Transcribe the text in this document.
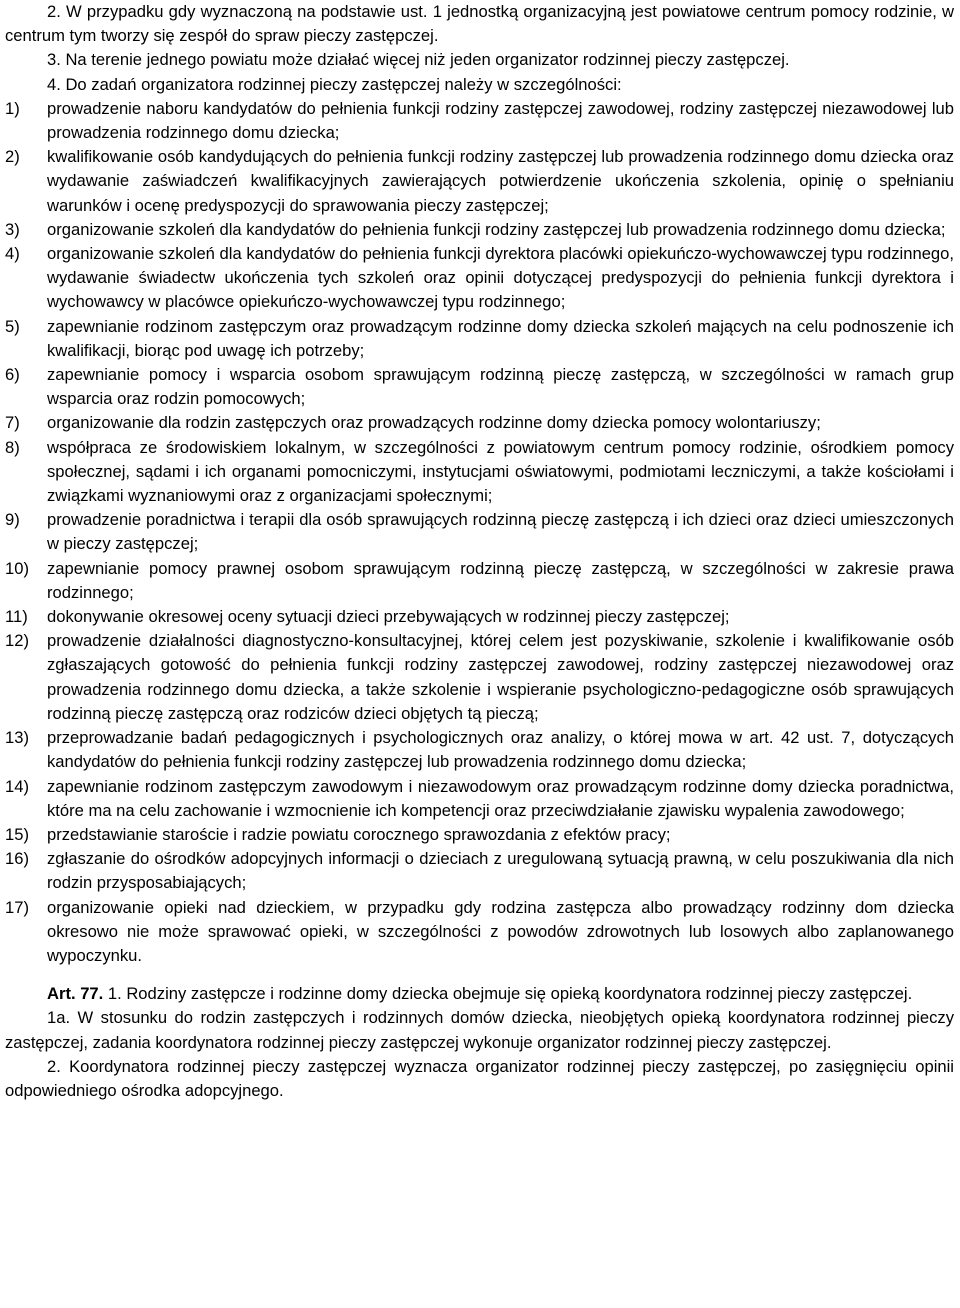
2. W przypadku gdy wyznaczoną na podstawie ust. 1 jednostką organizacyjną jest powiatowe centrum pomocy rodzinie, w centrum tym tworzy się zespół do spraw pieczy zastępczej.

3. Na terenie jednego powiatu może działać więcej niż jeden organizator rodzinnej pieczy zastępczej.

4. Do zadań organizatora rodzinnej pieczy zastępczej należy w szczególności:

1) prowadzenie naboru kandydatów do pełnienia funkcji rodziny zastępczej zawodowej, rodziny zastępczej niezawodowej lub prowadzenia rodzinnego domu dziecka;
2) kwalifikowanie osób kandydujących do pełnienia funkcji rodziny zastępczej lub prowadzenia rodzinnego domu dziecka oraz wydawanie zaświadczeń kwalifikacyjnych zawierających potwierdzenie ukończenia szkolenia, opinię o spełnianiu warunków i ocenę predyspozycji do sprawowania pieczy zastępczej;
3) organizowanie szkoleń dla kandydatów do pełnienia funkcji rodziny zastępczej lub prowadzenia rodzinnego domu dziecka;
4) organizowanie szkoleń dla kandydatów do pełnienia funkcji dyrektora placówki opiekuńczo-wychowawczej typu rodzinnego, wydawanie świadectw ukończenia tych szkoleń oraz opinii dotyczącej predyspozycji do pełnienia funkcji dyrektora i wychowawcy w placówce opiekuńczo-wychowawczej typu rodzinnego;
5) zapewnianie rodzinom zastępczym oraz prowadzącym rodzinne domy dziecka szkoleń mających na celu podnoszenie ich kwalifikacji, biorąc pod uwagę ich potrzeby;
6) zapewnianie pomocy i wsparcia osobom sprawującym rodzinną pieczę zastępczą, w szczególności w ramach grup wsparcia oraz rodzin pomocowych;
7) organizowanie dla rodzin zastępczych oraz prowadzących rodzinne domy dziecka pomocy wolontariuszy;
8) współpraca ze środowiskiem lokalnym, w szczególności z powiatowym centrum pomocy rodzinie, ośrodkiem pomocy społecznej, sądami i ich organami pomocniczymi, instytucjami oświatowymi, podmiotami leczniczymi, a także kościołami i związkami wyznaniowymi oraz z organizacjami społecznymi;
9) prowadzenie poradnictwa i terapii dla osób sprawujących rodzinną pieczę zastępczą i ich dzieci oraz dzieci umieszczonych w pieczy zastępczej;
10) zapewnianie pomocy prawnej osobom sprawującym rodzinną pieczę zastępczą, w szczególności w zakresie prawa rodzinnego;
11) dokonywanie okresowej oceny sytuacji dzieci przebywających w rodzinnej pieczy zastępczej;
12) prowadzenie działalności diagnostyczno-konsultacyjnej, której celem jest pozyskiwanie, szkolenie i kwalifikowanie osób zgłaszających gotowość do pełnienia funkcji rodziny zastępczej zawodowej, rodziny zastępczej niezawodowej oraz prowadzenia rodzinnego domu dziecka, a także szkolenie i wspieranie psychologiczno-pedagogiczne osób sprawujących rodzinną pieczę zastępczą oraz rodziców dzieci objętych tą pieczą;
13) przeprowadzanie badań pedagogicznych i psychologicznych oraz analizy, o której mowa w art. 42 ust. 7, dotyczących kandydatów do pełnienia funkcji rodziny zastępczej lub prowadzenia rodzinnego domu dziecka;
14) zapewnianie rodzinom zastępczym zawodowym i niezawodowym oraz prowadzącym rodzinne domy dziecka poradnictwa, które ma na celu zachowanie i wzmocnienie ich kompetencji oraz przeciwdziałanie zjawisku wypalenia zawodowego;
15) przedstawianie staroście i radzie powiatu corocznego sprawozdania z efektów pracy;
16) zgłaszanie do ośrodków adopcyjnych informacji o dzieciach z uregulowaną sytuacją prawną, w celu poszukiwania dla nich rodzin przysposabiających;
17) organizowanie opieki nad dzieckiem, w przypadku gdy rodzina zastępcza albo prowadzący rodzinny dom dziecka okresowo nie może sprawować opieki, w szczególności z powodów zdrowotnych lub losowych albo zaplanowanego wypoczynku.

Art. 77. 1. Rodziny zastępcze i rodzinne domy dziecka obejmuje się opieką koordynatora rodzinnej pieczy zastępczej.

1a. W stosunku do rodzin zastępczych i rodzinnych domów dziecka, nieobjętych opieką koordynatora rodzinnej pieczy zastępczej, zadania koordynatora rodzinnej pieczy zastępczej wykonuje organizator rodzinnej pieczy zastępczej.

2. Koordynatora rodzinnej pieczy zastępczej wyznacza organizator rodzinnej pieczy zastępczej, po zasięgnięciu opinii odpowiedniego ośrodka adopcyjnego.
